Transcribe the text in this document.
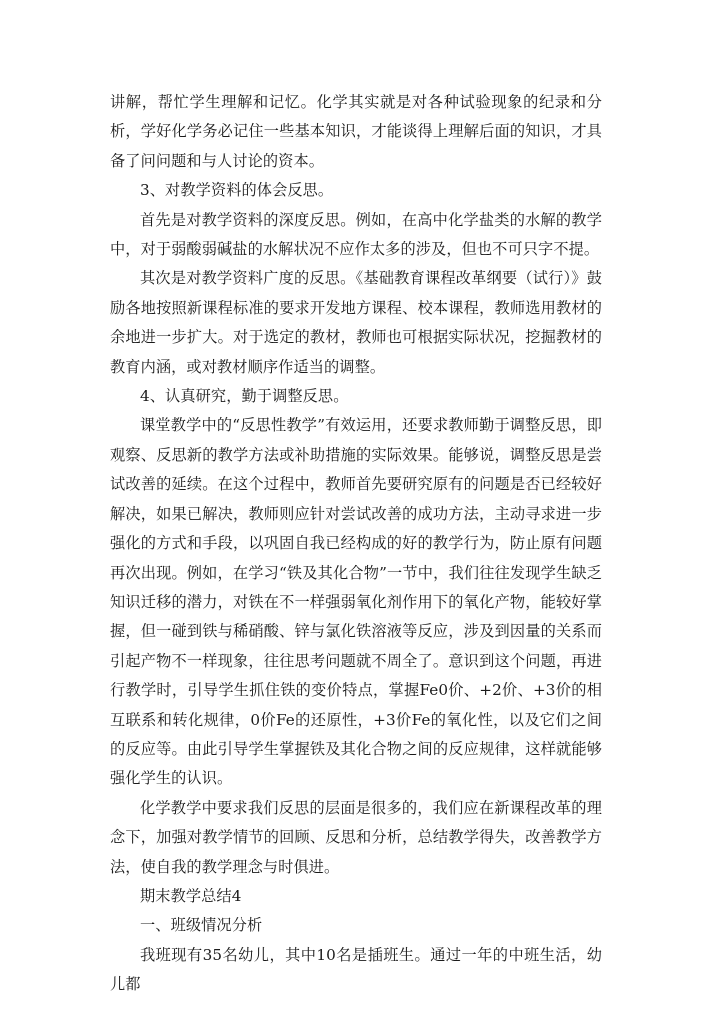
讲解，帮忙学生理解和记忆。化学其实就是对各种试验现象的纪录和分析，学好化学务必记住一些基本知识，才能谈得上理解后面的知识，才具备了问问题和与人讨论的资本。

3、对教学资料的体会反思。

首先是对教学资料的深度反思。例如，在高中化学盐类的水解的教学中，对于弱酸弱碱盐的水解状况不应作太多的涉及，但也不可只字不提。

其次是对教学资料广度的反思。《基础教育课程改革纲要（试行）》鼓励各地按照新课程标准的要求开发地方课程、校本课程，教师选用教材的余地进一步扩大。对于选定的教材，教师也可根据实际状况，挖掘教材的教育内涵，或对教材顺序作适当的调整。

4、认真研究，勤于调整反思。

课堂教学中的“反思性教学”有效运用，还要求教师勤于调整反思，即观察、反思新的教学方法或补助措施的实际效果。能够说，调整反思是尝试改善的延续。在这个过程中，教师首先要研究原有的问题是否已经较好解决，如果已解决，教师则应针对尝试改善的成功方法，主动寻求进一步强化的方式和手段，以巩固自我已经构成的好的教学行为，防止原有问题再次出现。例如，在学习“铁及其化合物”一节中，我们往往发现学生缺乏知识迁移的潜力，对铁在不一样强弱氧化剂作用下的氧化产物，能较好掌握，但一碰到铁与稀硝酸、锌与氯化铁溶液等反应，涉及到因量的关系而引起产物不一样现象，往往思考问题就不周全了。意识到这个问题，再进行教学时，引导学生抓住铁的变价特点，掌握Fe0价、+2价、+3价的相互联系和转化规律，0价Fe的还原性，+3价Fe的氧化性，以及它们之间的反应等。由此引导学生掌握铁及其化合物之间的反应规律，这样就能够强化学生的认识。

化学教学中要求我们反思的层面是很多的，我们应在新课程改革的理念下，加强对教学情节的回顾、反思和分析，总结教学得失，改善教学方法，使自我的教学理念与时俱进。

期末教学总结4

一、班级情况分析

我班现有35名幼儿，其中10名是插班生。通过一年的中班生活，幼儿都
